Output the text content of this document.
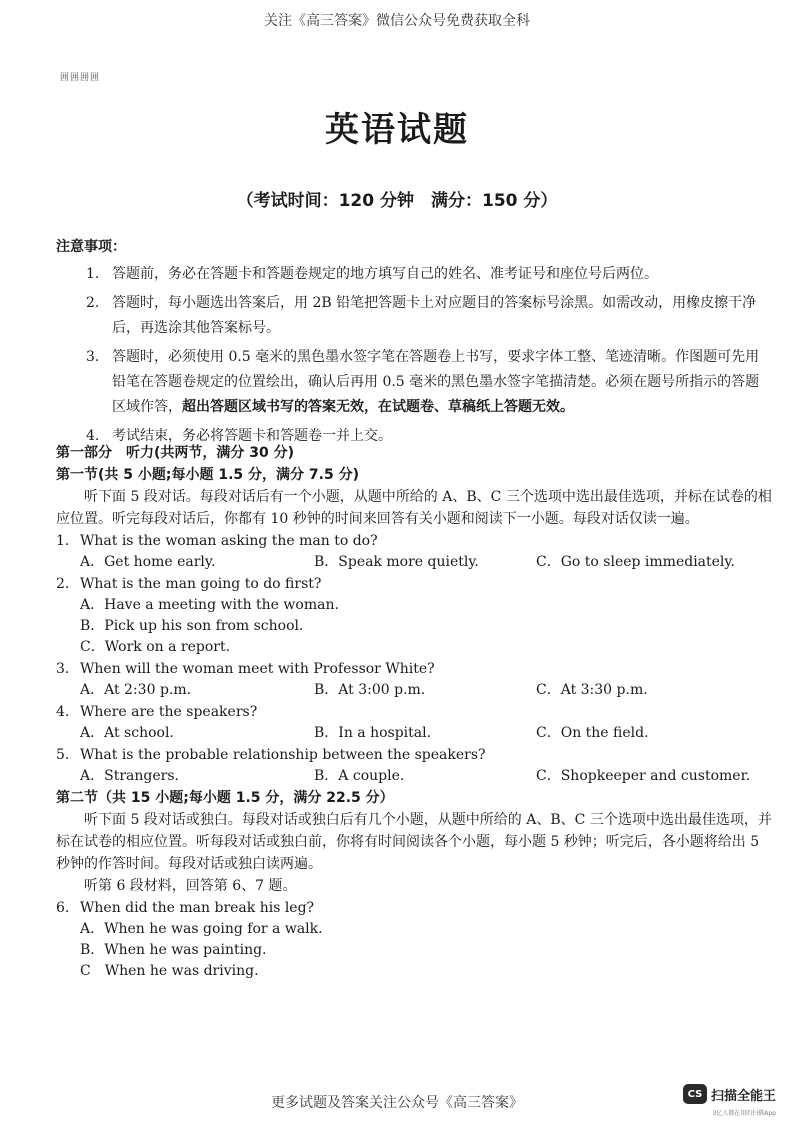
关注《高三答案》微信公众号免费获取全科
囲囲囲囲
英语试题
（考试时间：120 分钟　满分：150 分）
注意事项：
1. 答题前，务必在答题卡和答题卷规定的地方填写自己的姓名、准考证号和座位号后两位。
2. 答题时，每小题选出答案后，用 2B 铅笔把答题卡上对应题目的答案标号涂黑。如需改动，用橡皮擦干净后，再选涂其他答案标号。
3. 答题时，必须使用 0.5 毫米的黑色墨水签字笔在答题卷上书写，要求字体工整、笔迹清晰。作图题可先用铅笔在答题卷规定的位置绘出，确认后再用 0.5 毫米的黑色墨水签字笔描清楚。必须在题号所指示的答题区域作答，超出答题区域书写的答案无效，在试题卷、草稿纸上答题无效。
4. 考试结束，务必将答题卡和答题卷一并上交。
第一部分　听力(共两节，满分 30 分)
第一节(共 5 小题;每小题 1.5 分，满分 7.5 分)
听下面 5 段对话。每段对话后有一个小题，从题中所给的 A、B、C 三个选项中选出最佳选项，并标在试卷的相应位置。听完每段对话后，你都有 10 秒钟的时间来回答有关小题和阅读下一小题。每段对话仅读一遍。
1. What is the woman asking the man to do?
A．Get home early.	B．Speak more quietly.	C．Go to sleep immediately.
2. What is the man going to do first?
A．Have a meeting with the woman.
B．Pick up his son from school.
C．Work on a report.
3. When will the woman meet with Professor White?
A．At 2:30 p.m.	B．At 3:00 p.m.	C．At 3:30 p.m.
4. Where are the speakers?
A．At school.	B．In a hospital.	C．On the field.
5. What is the probable relationship between the speakers?
A．Strangers.	B．A couple.	C．Shopkeeper and customer.
第二节（共 15 小题;每小题 1.5 分，满分 22.5 分）
听下面 5 段对话或独白。每段对话或独白后有几个小题，从题中所给的 A、B、C 三个选项中选出最佳选项，并标在试卷的相应位置。听每段对话或独白前，你将有时间阅读各个小题，每小题 5 秒钟；听完后，各小题将给出 5 秒钟的作答时间。每段对话或独白读两遍。
听第 6 段材料，回答第 6、7 题。
6. When did the man break his leg?
A．When he was going for a walk.
B．When he was painting.
C　When he was driving.
更多试题及答案关注公众号《高三答案》
CS 扫描全能王
3亿人都在用的扫描App
